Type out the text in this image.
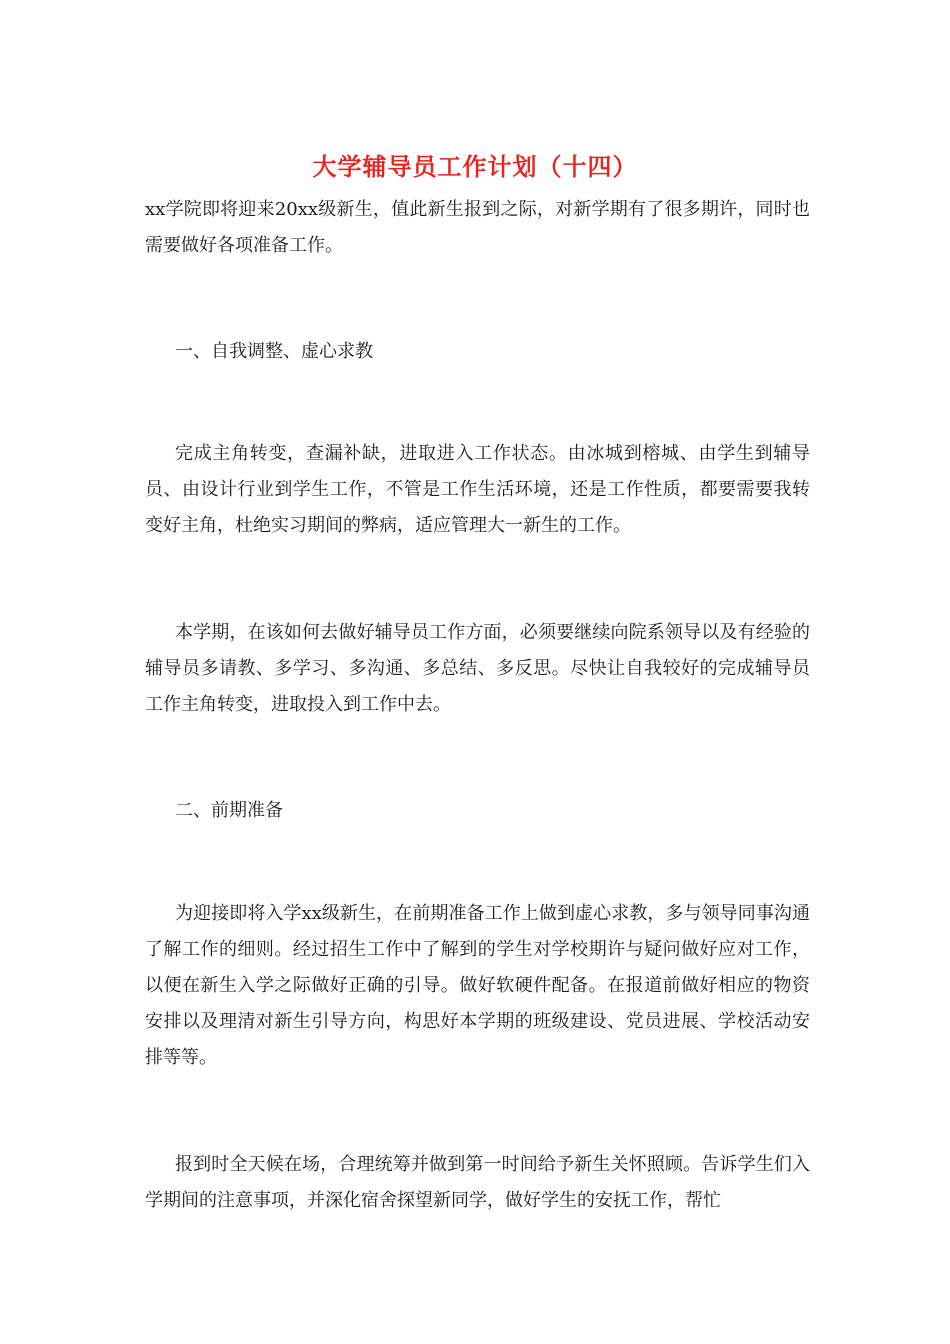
大学辅导员工作计划（十四）
xx学院即将迎来20xx级新生，值此新生报到之际，对新学期有了很多期许，同时也需要做好各项准备工作。
一、自我调整、虚心求教
完成主角转变，查漏补缺，进取进入工作状态。由冰城到榕城、由学生到辅导员、由设计行业到学生工作，不管是工作生活环境，还是工作性质，都要需要我转变好主角，杜绝实习期间的弊病，适应管理大一新生的工作。
本学期，在该如何去做好辅导员工作方面，必须要继续向院系领导以及有经验的辅导员多请教、多学习、多沟通、多总结、多反思。尽快让自我较好的完成辅导员工作主角转变，进取投入到工作中去。
二、前期准备
为迎接即将入学xx级新生，在前期准备工作上做到虚心求教，多与领导同事沟通了解工作的细则。经过招生工作中了解到的学生对学校期许与疑问做好应对工作，以便在新生入学之际做好正确的引导。做好软硬件配备。在报道前做好相应的物资安排以及理清对新生引导方向，构思好本学期的班级建设、党员进展、学校活动安排等等。
报到时全天候在场，合理统筹并做到第一时间给予新生关怀照顾。告诉学生们入学期间的注意事项，并深化宿舍探望新同学，做好学生的安抚工作，帮忙
